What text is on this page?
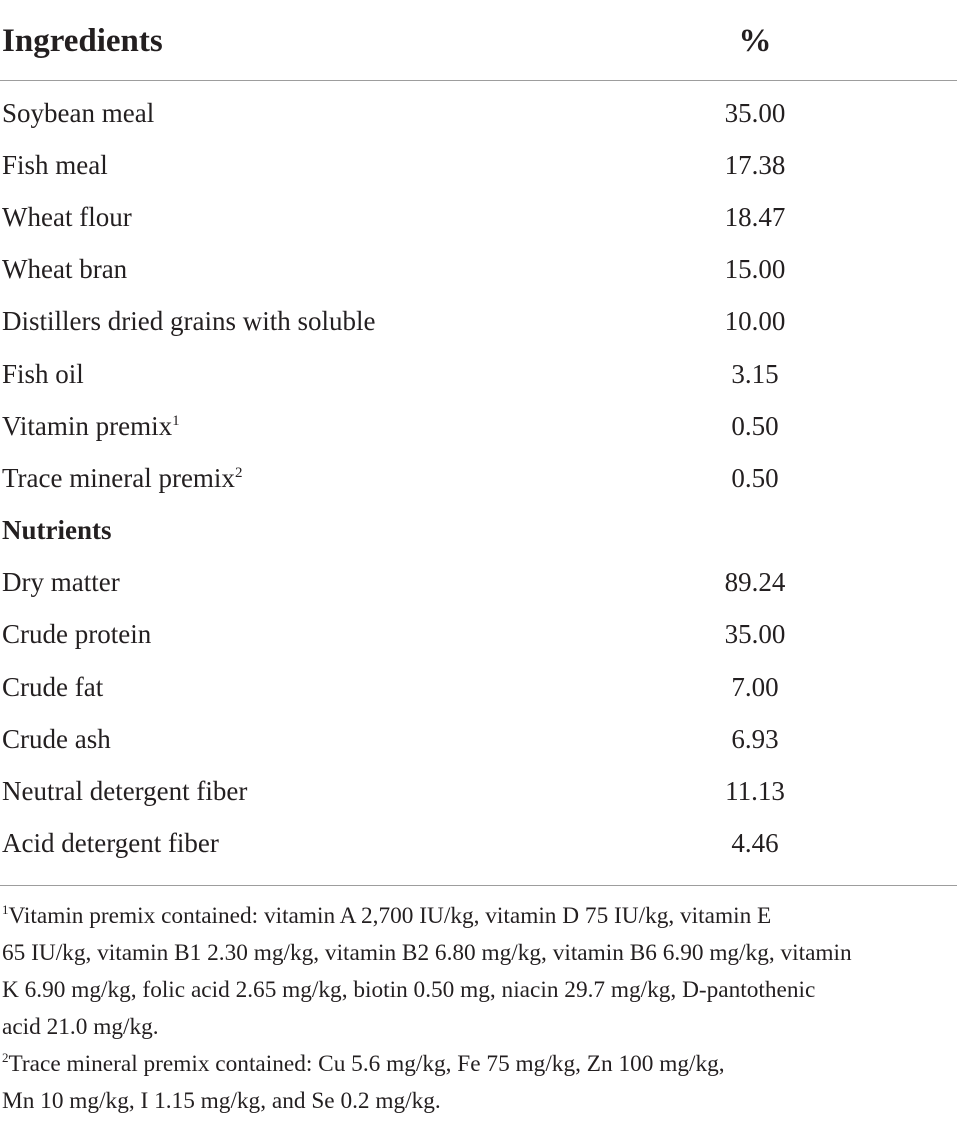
Ingredients	%
Soybean meal	35.00
Fish meal	17.38
Wheat flour	18.47
Wheat bran	15.00
Distillers dried grains with soluble	10.00
Fish oil	3.15
Vitamin premix$^1$	0.50
Trace mineral premix$^2$	0.50
Nutrients
Dry matter	89.24
Crude protein	35.00
Crude fat	7.00
Crude ash	6.93
Neutral detergent fiber	11.13
Acid detergent fiber	4.46

$^1$Vitamin premix contained: vitamin A 2,700 IU/kg, vitamin D 75 IU/kg, vitamin E

65 IU/kg, vitamin B1 2.30 mg/kg, vitamin B2 6.80 mg/kg, vitamin B6 6.90 mg/kg, vitamin

K 6.90 mg/kg, folic acid 2.65 mg/kg, biotin 0.50 mg, niacin 29.7 mg/kg, D-pantothenic

acid 21.0 mg/kg.

$^2$Trace mineral premix contained: Cu 5.6 mg/kg, Fe 75 mg/kg, Zn 100 mg/kg,

Mn 10 mg/kg, I 1.15 mg/kg, and Se 0.2 mg/kg.
